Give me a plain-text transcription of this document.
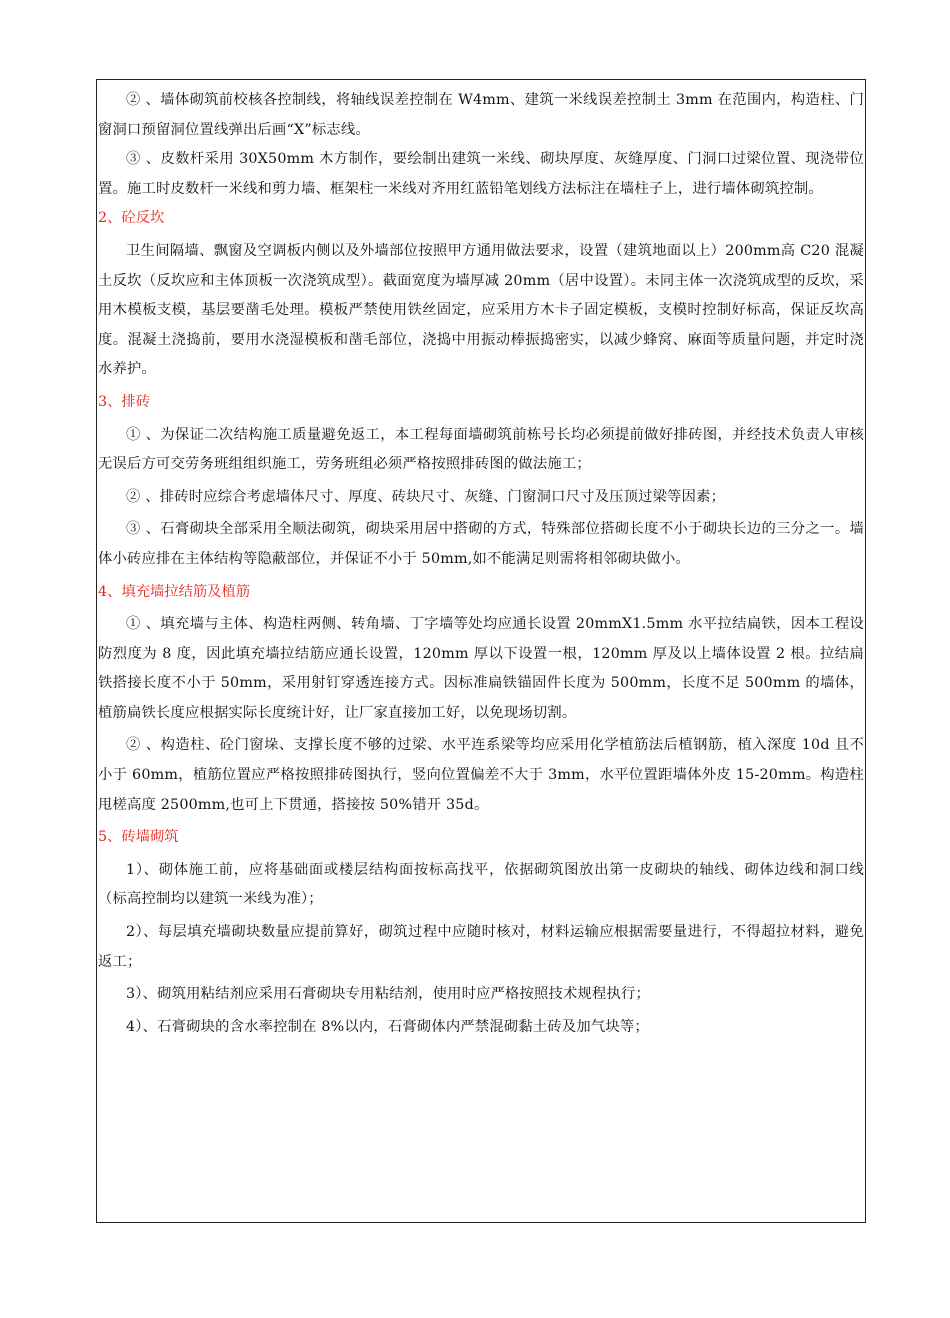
② 、墙体砌筑前校核各控制线，将轴线误差控制在 W4mm、建筑一米线误差控制土 3mm 在范围内，构造柱、门窗洞口预留洞位置线弹出后画“X”标志线。

③ 、皮数杆采用 30X50mm 木方制作，要绘制出建筑一米线、砌块厚度、灰缝厚度、门洞口过梁位置、现浇带位置。施工时皮数杆一米线和剪力墙、框架柱一米线对齐用红蓝铅笔划线方法标注在墙柱子上，进行墙体砌筑控制。

2、砼反坎

卫生间隔墙、飘窗及空调板内侧以及外墙部位按照甲方通用做法要求，设置（建筑地面以上）200mm高 C20 混凝土反坎（反坎应和主体顶板一次浇筑成型）。截面宽度为墙厚减 20mm（居中设置）。未同主体一次浇筑成型的反坎，采用木模板支模，基层要凿毛处理。模板严禁使用铁丝固定，应采用方木卡子固定模板，支模时控制好标高，保证反坎高度。混凝土浇捣前，要用水浇湿模板和凿毛部位，浇捣中用振动棒振捣密实，以减少蜂窝、麻面等质量问题，并定时浇水养护。

3、排砖

① 、为保证二次结构施工质量避免返工，本工程每面墙砌筑前栋号长均必须提前做好排砖图，并经技术负责人审核无误后方可交劳务班组组织施工，劳务班组必须严格按照排砖图的做法施工；

② 、排砖时应综合考虑墙体尺寸、厚度、砖块尺寸、灰缝、门窗洞口尺寸及压顶过梁等因素；

③ 、石膏砌块全部采用全顺法砌筑，砌块采用居中搭砌的方式，特殊部位搭砌长度不小于砌块长边的三分之一。墙体小砖应排在主体结构等隐蔽部位，并保证不小于 50mm,如不能满足则需将相邻砌块做小。

4、填充墙拉结筋及植筋

① 、填充墙与主体、构造柱两侧、转角墙、丁字墙等处均应通长设置 20mmX1.5mm 水平拉结扁铁，因本工程设防烈度为 8 度，因此填充墙拉结筋应通长设置，120mm 厚以下设置一根，120mm 厚及以上墙体设置 2 根。拉结扁铁搭接长度不小于 50mm，采用射钉穿透连接方式。因标准扁铁锚固件长度为 500mm，长度不足 500mm 的墙体，植筋扁铁长度应根据实际长度统计好，让厂家直接加工好，以免现场切割。

② 、构造柱、砼门窗垛、支撑长度不够的过梁、水平连系梁等均应采用化学植筋法后植钢筋，植入深度 10d 且不小于 60mm，植筋位置应严格按照排砖图执行，竖向位置偏差不大于 3mm，水平位置距墙体外皮 15-20mm。构造柱甩槎高度 2500mm,也可上下贯通，搭接按 50%错开 35d。

5、砖墙砌筑

1）、砌体施工前，应将基础面或楼层结构面按标高找平，依据砌筑图放出第一皮砌块的轴线、砌体边线和洞口线（标高控制均以建筑一米线为准）；

2）、每层填充墙砌块数量应提前算好，砌筑过程中应随时核对，材料运输应根据需要量进行，不得超拉材料，避免返工；

3）、砌筑用粘结剂应采用石膏砌块专用粘结剂，使用时应严格按照技术规程执行；

4）、石膏砌块的含水率控制在 8%以内，石膏砌体内严禁混砌黏土砖及加气块等；
